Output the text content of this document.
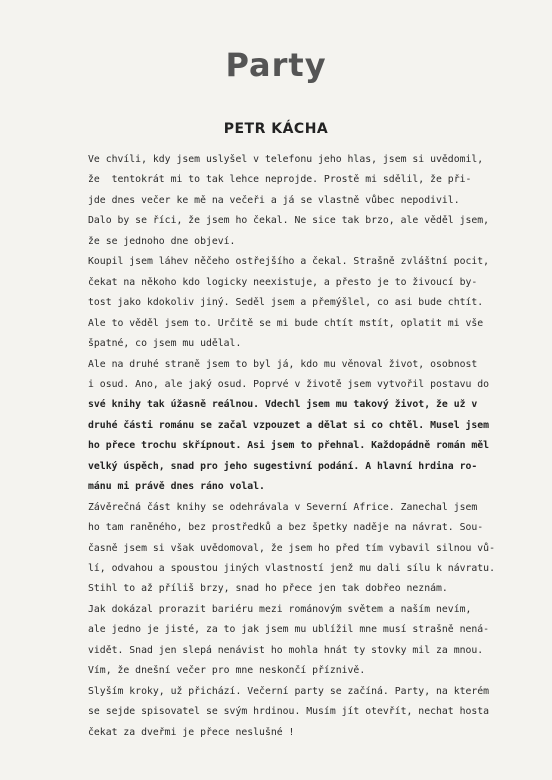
Party
PETR KÁCHA
Ve chvíli, kdy jsem uslyšel v telefonu jeho hlas, jsem si uvědomil,
že  tentokrát mi to tak lehce neprojde. Prostě mi sdělil, že při-
jde dnes večer ke mě na večeři a já se vlastně vůbec nepodivil.
Dalo by se říci, že jsem ho čekal. Ne sice tak brzo, ale věděl jsem,
že se jednoho dne objeví.
Koupil jsem láhev něčeho ostřejšího a čekal. Strašně zvláštní pocit,
čekat na někoho kdo logicky neexistuje, a přesto je to živoucí by-
tost jako kdokoliv jiný. Seděl jsem a přemýšlel, co asi bude chtít.
Ale to věděl jsem to. Určitě se mi bude chtít mstít, oplatit mi vše
špatné, co jsem mu udělal.
Ale na druhé straně jsem to byl já, kdo mu věnoval život, osobnost
i osud. Ano, ale jaký osud. Poprvé v životě jsem vytvořil postavu do
své knihy tak úžasně reálnou. Vdechl jsem mu takový život, že už v
druhé části románu se začal vzpouzet a dělat si co chtěl. Musel jsem
ho přece trochu skřípnout. Asi jsem to přehnal. Každopádně román měl
velký úspěch, snad pro jeho sugestivní podání. A hlavní hrdina ro-
mánu mi právě dnes ráno volal.
Závěrečná část knihy se odehrávala v Severní Africe. Zanechal jsem
ho tam raněného, bez prostředků a bez špetky naděje na návrat. Sou-
časně jsem si však uvědomoval, že jsem ho před tím vybavil silnou vů-
lí, odvahou a spoustou jiných vlastností jenž mu dali sílu k návratu.
Stihl to až příliš brzy, snad ho přece jen tak dobřeo neznám.
Jak dokázal prorazit bariéru mezi románovým světem a naším nevím,
ale jedno je jisté, za to jak jsem mu ublížil mne musí strašně nená-
vidět. Snad jen slepá nenávist ho mohla hnát ty stovky mil za mnou.
Vím, že dnešní večer pro mne neskončí příznivě.
Slyším kroky, už přichází. Večerní party se začíná. Party, na kterém
se sejde spisovatel se svým hrdinou. Musím jít otevřít, nechat hosta
čekat za dveřmi je přece neslušné !
